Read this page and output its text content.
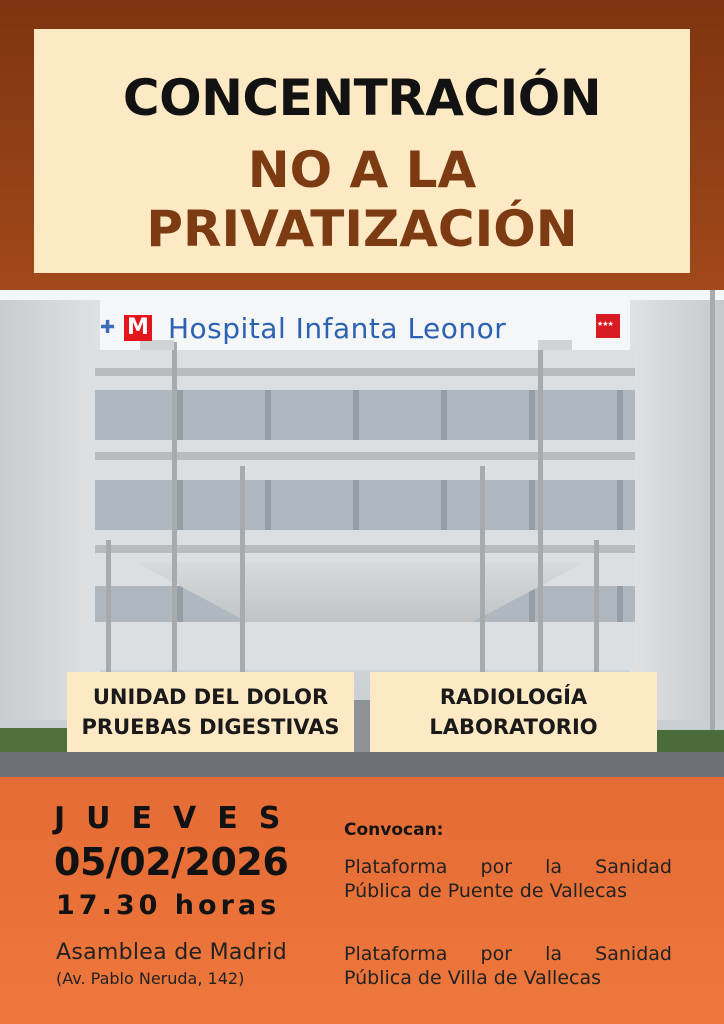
CONCENTRACIÓN
NO A LA
PRIVATIZACIÓN
✚ M Hospital Infanta Leonor
★★★
UNIDAD DEL DOLOR
PRUEBAS DIGESTIVAS
RADIOLOGÍA
LABORATORIO
JUEVES
05/02/2026
17.30 horas
Asamblea de Madrid
(Av. Pablo Neruda, 142)
Convocan:
Plataforma por la Sanidad
Pública de Puente de Vallecas
Plataforma por la Sanidad
Pública de Villa de Vallecas
